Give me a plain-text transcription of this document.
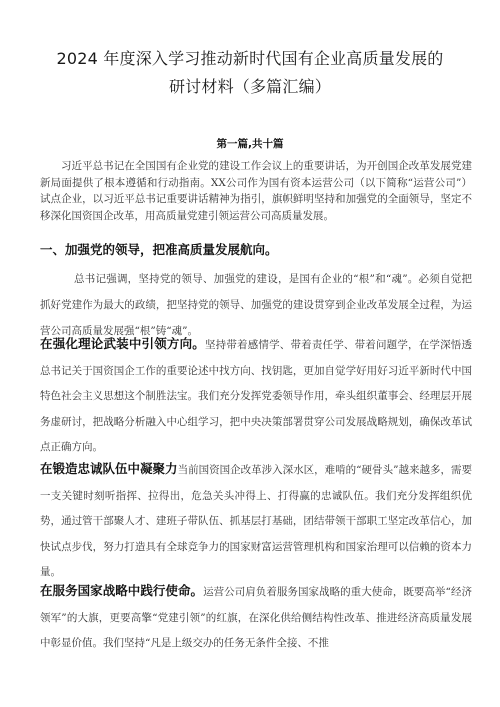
2024 年度深入学习推动新时代国有企业高质量发展的
研讨材料（多篇汇编）
第一篇,共十篇
习近平总书记在全国国有企业党的建设工作会议上的重要讲话，为开创国企改革发展党建新局面提供了根本遵循和行动指南。XX公司作为国有资本运营公司（以下简称“运营公司”）试点企业，以习近平总书记重要讲话精神为指引，旗帜鲜明坚持和加强党的全面领导，坚定不移深化国资国企改革，用高质量党建引领运营公司高质量发展。
一、加强党的领导，把准高质量发展航向。
总书记强调，坚持党的领导、加强党的建设，是国有企业的“根”和“魂”。必须自觉把抓好党建作为最大的政绩，把坚持党的领导、加强党的建设贯穿到企业改革发展全过程，为运营公司高质量发展强“根”铸“魂”。
在强化理论武装中引领方向。坚持带着感情学、带着责任学、带着问题学，在学深悟透总书记关于国资国企工作的重要论述中找方向、找钥匙，更加自觉学好用好习近平新时代中国特色社会主义思想这个制胜法宝。我们充分发挥党委领导作用，牵头组织董事会、经理层开展务虚研讨，把战略分析融入中心组学习，把中央决策部署贯穿公司发展战略规划，确保改革试点正确方向。
在锻造忠诚队伍中凝聚力当前国资国企改革涉入深水区，难啃的“硬骨头”越来越多，需要一支关键时刻听指挥、拉得出，危急关头冲得上、打得赢的忠诚队伍。我们充分发挥组织优势，通过管干部聚人才、建班子带队伍、抓基层打基础，团结带领干部职工坚定改革信心，加快试点步伐，努力打造具有全球竞争力的国家财富运营管理机构和国家治理可以信赖的资本力量。
在服务国家战略中践行使命。运营公司肩负着服务国家战略的重大使命，既要高举“经济领军”的大旗，更要高擎“党建引领”的红旗，在深化供给侧结构性改革、推进经济高质量发展中彰显价值。我们坚持“凡是上级交办的任务无条件全接、不推
